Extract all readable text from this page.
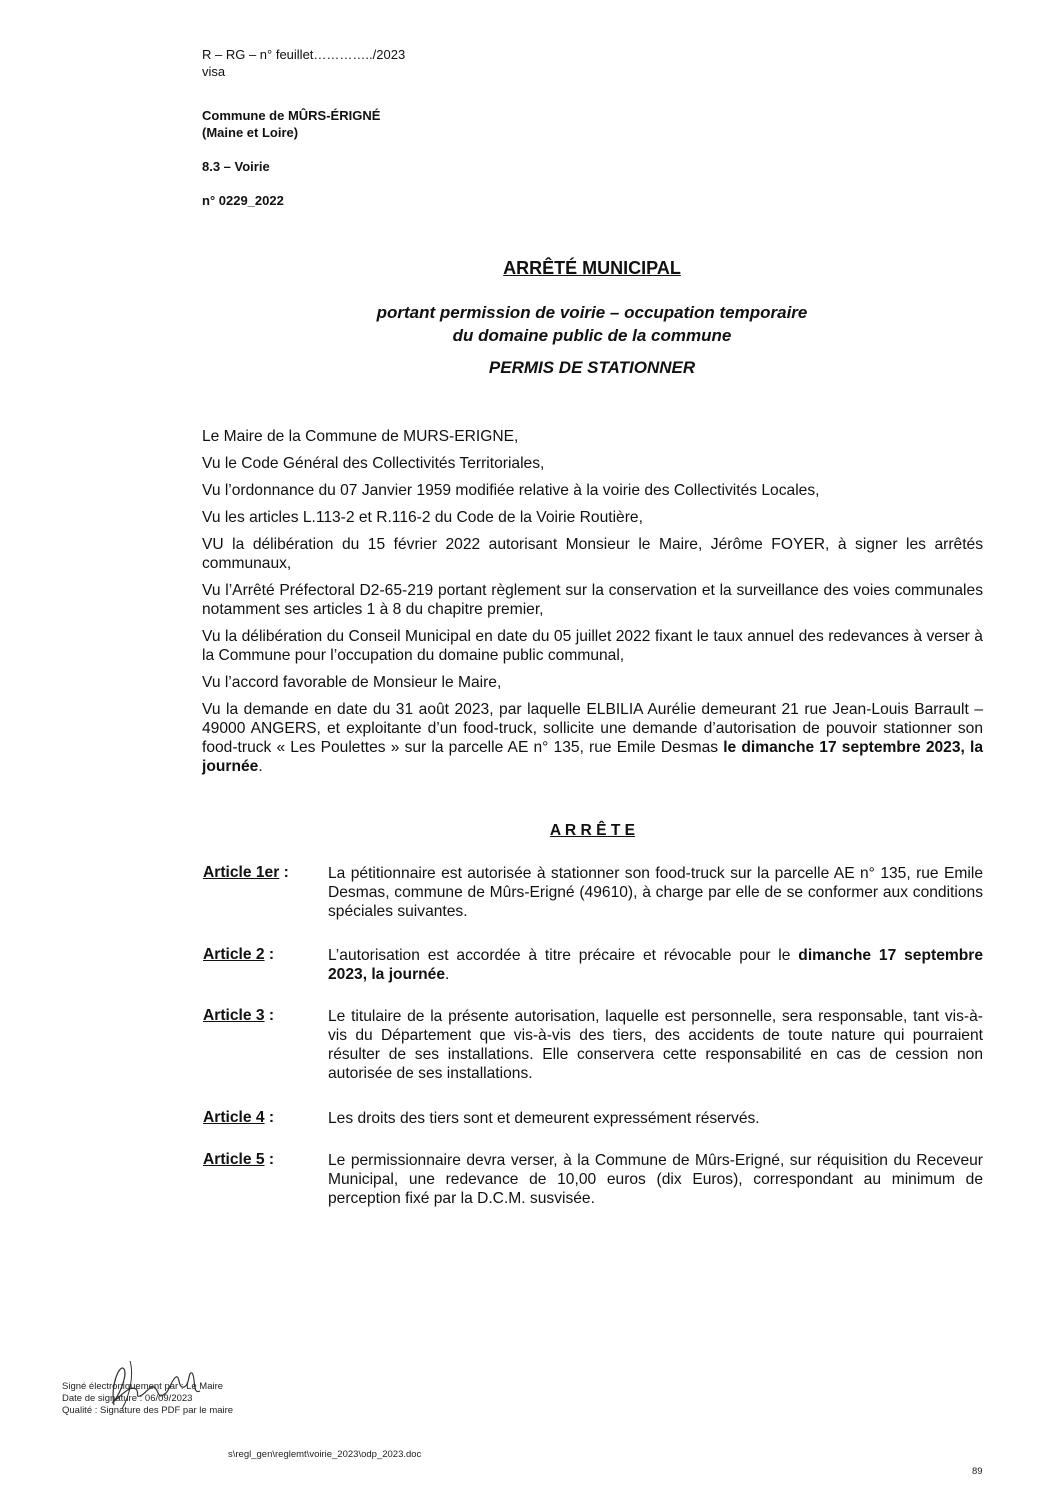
R – RG – n° feuillet…………../2023
visa
Commune de MÛRS-ÉRIGNÉ
(Maine et Loire)
8.3 – Voirie
n° 0229_2022
ARRÊTÉ MUNICIPAL
portant permission de voirie – occupation temporaire
du domaine public de la commune
PERMIS DE STATIONNER

Le Maire de la Commune de MURS-ERIGNE,

Vu le Code Général des Collectivités Territoriales,

Vu l’ordonnance du 07 Janvier 1959 modifiée relative à la voirie des Collectivités Locales,

Vu les articles L.113-2 et R.116-2 du Code de la Voirie Routière,

VU la délibération du 15 février 2022 autorisant Monsieur le Maire, Jérôme FOYER, à signer les arrêtés communaux,

Vu l’Arrêté Préfectoral D2-65-219 portant règlement sur la conservation et la surveillance des voies communales notamment ses articles 1 à 8 du chapitre premier,

Vu la délibération du Conseil Municipal en date du 05 juillet 2022 fixant le taux annuel des redevances à verser à la Commune pour l’occupation du domaine public communal,

Vu l’accord favorable de Monsieur le Maire,

Vu la demande en date du 31 août 2023, par laquelle ELBILIA Aurélie demeurant 21 rue Jean-Louis Barrault – 49000 ANGERS, et exploitante d’un food-truck, sollicite une demande d’autorisation de pouvoir stationner son food-truck « Les Poulettes » sur la parcelle AE n° 135, rue Emile Desmas le dimanche 17 septembre 2023, la journée.

A R R Ê T E
Article 1er :	La pétitionnaire est autorisée à stationner son food-truck sur la parcelle AE n° 135, rue Emile Desmas, commune de Mûrs-Erigné (49610), à charge par elle de se conformer aux conditions spéciales suivantes.
Article 2 :	L’autorisation est accordée à titre précaire et révocable pour le dimanche 17 septembre 2023, la journée.
Article 3 :	Le titulaire de la présente autorisation, laquelle est personnelle, sera responsable, tant vis-à-vis du Département que vis-à-vis des tiers, des accidents de toute nature qui pourraient résulter de ses installations. Elle conservera cette responsabilité en cas de cession non autorisée de ses installations.
Article 4 :	Les droits des tiers sont et demeurent expressément réservés.
Article 5 :	Le permissionnaire devra verser, à la Commune de Mûrs-Erigné, sur réquisition du Receveur Municipal, une redevance de 10,00 euros (dix Euros), correspondant au minimum de perception fixé par la D.C.M. susvisée.
Signé électroniquement par : Le Maire
Date de signature : 06/09/2023
Qualité : Signature des PDF par le maire
s\regl_gen\reglemt\voirie_2023\odp_2023.doc
89
